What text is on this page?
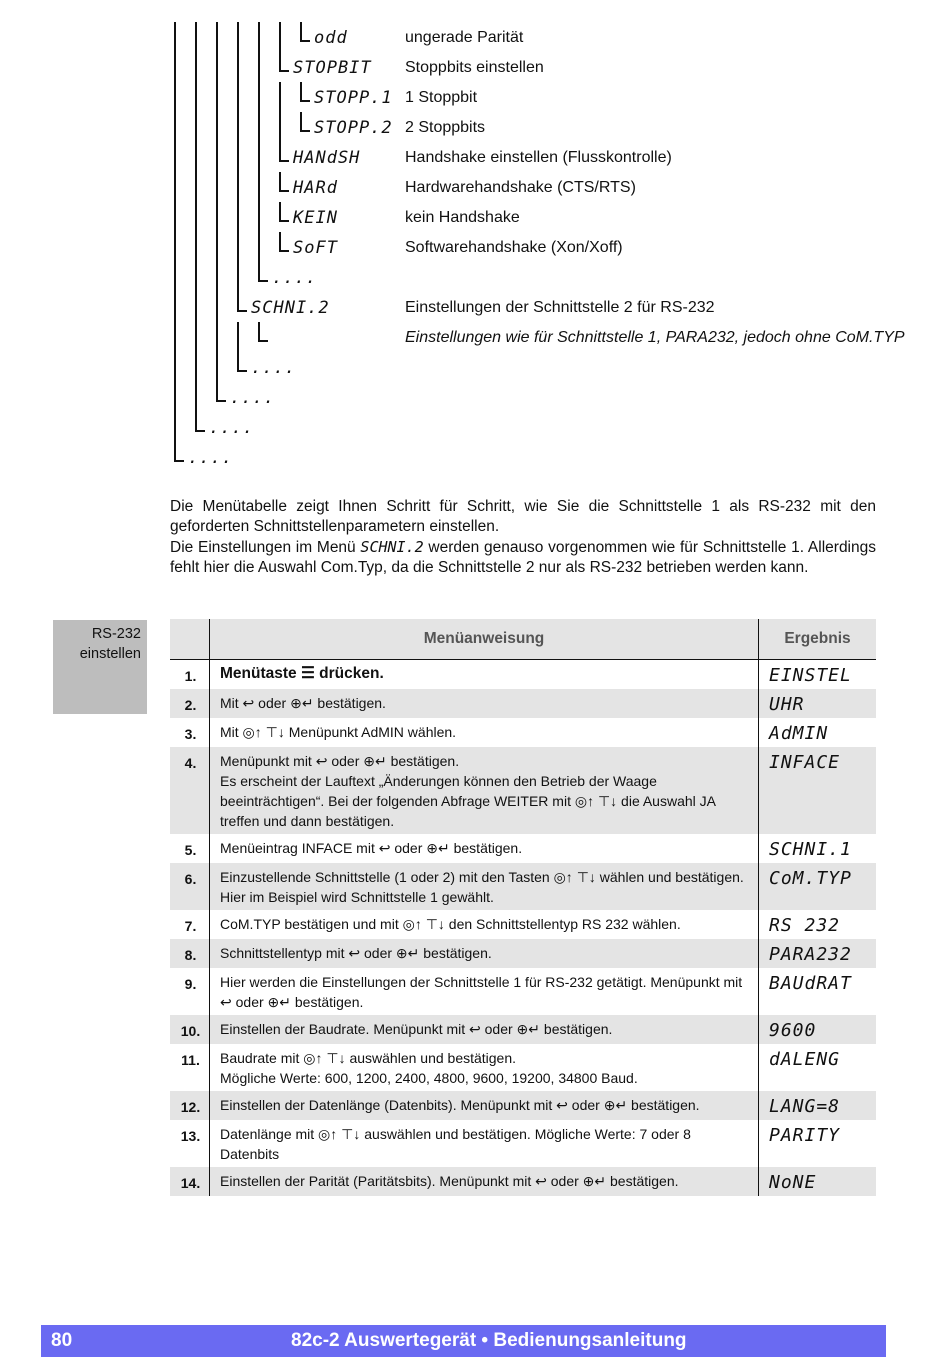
odd	ungerade Parität
STOPBIT Stoppbits einstellen
STOPP.1 1 Stoppbit
STOPP.2 2 Stoppbits
HANdSH	Handshake einstellen (Flusskontrolle)
HARd	Hardwarehandshake (CTS/RTS)
KEIN	kein Handshake
SoFT	Softwarehandshake (Xon/Xoff)
....
SCHNI.2	Einstellungen der Schnittstelle 2 für RS-232
Einstellungen wie für Schnittstelle 1, PARA232, jedoch ohne CoM.TYP
....
....
....
....

Die Menütabelle zeigt Ihnen Schritt für Schritt, wie Sie die Schnittstelle 1 als RS-232 mit den geforderten Schnittstellenparametern einstellen.

Die Einstellungen im Menü SCHNI.2 werden genauso vorgenommen wie für Schnittstelle 1. Allerdings fehlt hier die Auswahl Com.Typ, da die Schnittstelle 2 nur als RS-232 betrieben werden kann.

RS-232
einstellen
	Menüanweisung	Ergebnis
1.	Menütaste ☰ drücken.	EINSTEL
2.	Mit ↩ oder ⊕↵ bestätigen.	UHR
3.	Mit ◎↑ ⊤↓ Menüpunkt AdMIN wählen.	AdMIN
4.	Menüpunkt mit ↩ oder ⊕↵ bestätigen.
Es erscheint der Lauftext „Änderungen können den Betrieb der Waage beeinträchtigen“. Bei der folgenden Abfrage WEITER mit ◎↑ ⊤↓ die Auswahl JA treffen und dann bestätigen.	INFACE
5.	Menüeintrag INFACE mit ↩ oder ⊕↵ bestätigen.	SCHNI.1
6.	Einzustellende Schnittstelle (1 oder 2) mit den Tasten ◎↑ ⊤↓ wählen und bestätigen.
Hier im Beispiel wird Schnittstelle 1 gewählt.	CoM.TYP
7.	CoM.TYP bestätigen und mit ◎↑ ⊤↓ den Schnittstellentyp RS 232 wählen.	RS 232
8.	Schnittstellentyp mit ↩ oder ⊕↵ bestätigen.	PARA232
9.	Hier werden die Einstellungen der Schnittstelle 1 für RS-232 getätigt. Menüpunkt mit ↩ oder ⊕↵ bestätigen.	BAUdRAT
10.	Einstellen der Baudrate. Menüpunkt mit ↩ oder ⊕↵ bestätigen.	9600
11.	Baudrate mit ◎↑ ⊤↓ auswählen und bestätigen.
Mögliche Werte: 600, 1200, 2400, 4800, 9600, 19200, 34800 Baud.	dALENG
12.	Einstellen der Datenlänge (Datenbits). Menüpunkt mit ↩ oder ⊕↵ bestätigen.	LANG=8
13.	Datenlänge mit ◎↑ ⊤↓ auswählen und bestätigen. Mögliche Werte: 7 oder 8 Datenbits	PARITY
14.	Einstellen der Parität (Paritätsbits). Menüpunkt mit ↩ oder ⊕↵ bestätigen.	NoNE
80	82c-2 Auswertegerät • Bedienungsanleitung
